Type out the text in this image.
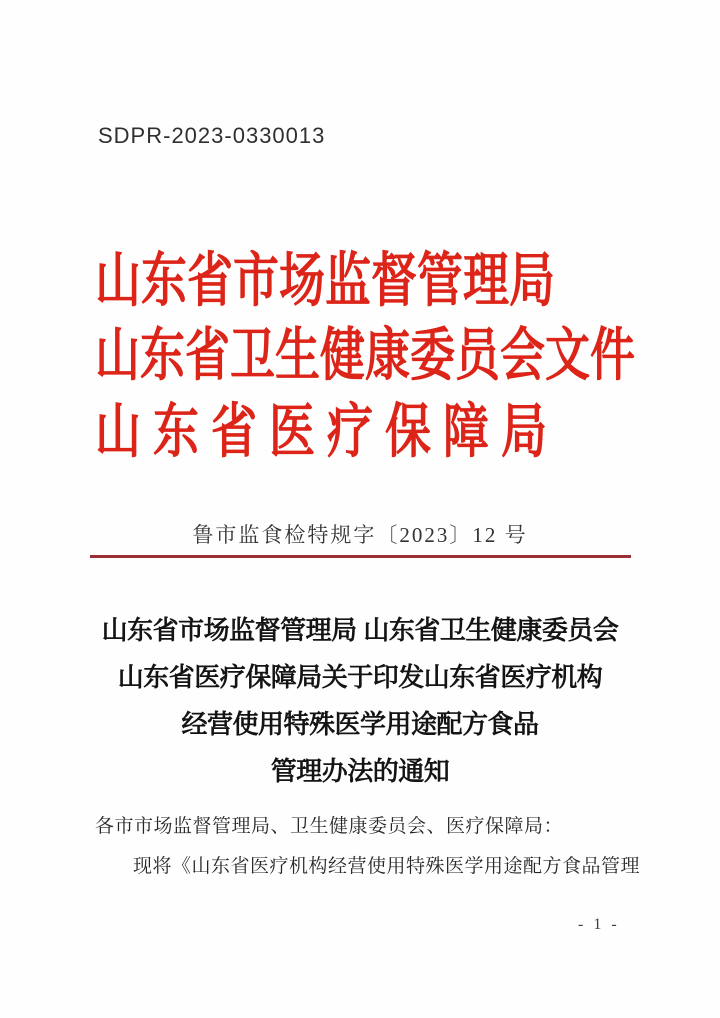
SDPR-2023-0330013
山东省市场监督管理局
山东省卫生健康委员会文件
山东省医疗保障局
鲁市监食检特规字〔2023〕12 号
山东省市场监督管理局 山东省卫生健康委员会
山东省医疗保障局关于印发山东省医疗机构
经营使用特殊医学用途配方食品
管理办法的通知
各市市场监督管理局、卫生健康委员会、医疗保障局：
现将《山东省医疗机构经营使用特殊医学用途配方食品管理
- 1 -
